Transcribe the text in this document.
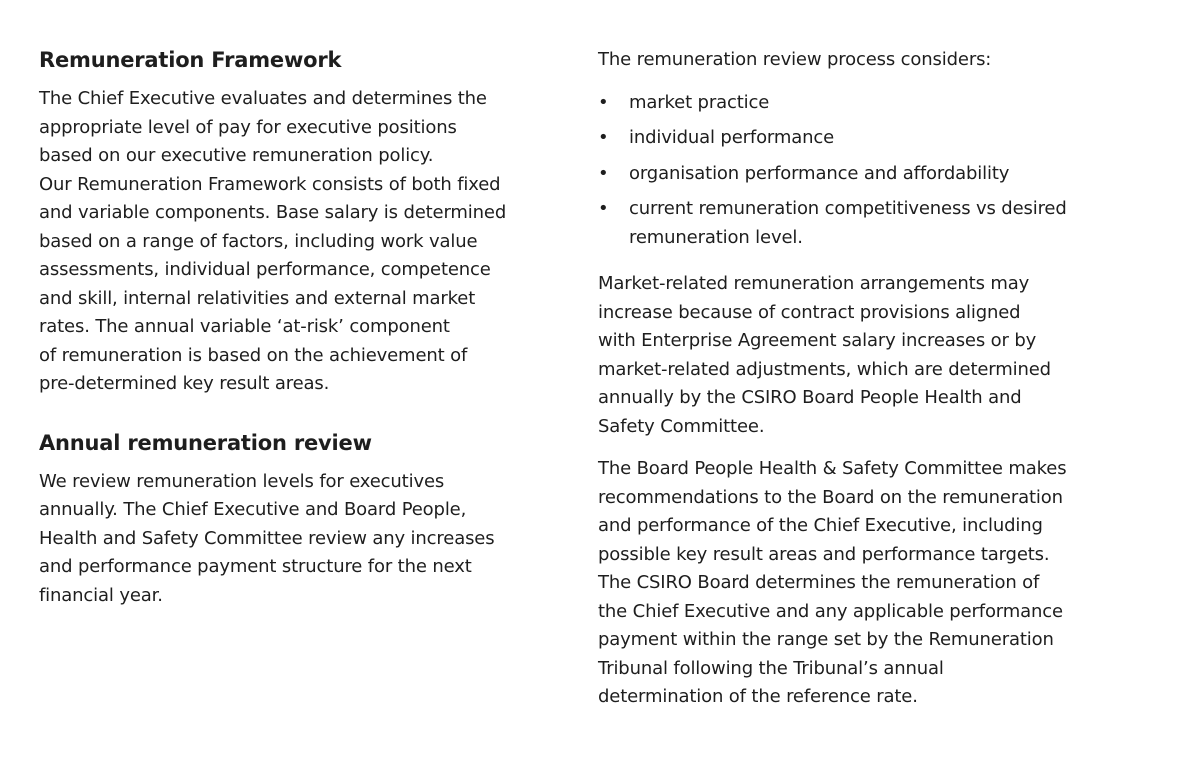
Remuneration Framework

The Chief Executive evaluates and determines the
appropriate level of pay for executive positions
based on our executive remuneration policy.
Our Remuneration Framework consists of both fixed
and variable components. Base salary is determined
based on a range of factors, including work value
assessments, individual performance, competence
and skill, internal relativities and external market
rates. The annual variable ‘at-risk’ component
of remuneration is based on the achievement of
pre-determined key result areas.

Annual remuneration review

We review remuneration levels for executives
annually. The Chief Executive and Board People,
Health and Safety Committee review any increases
and performance payment structure for the next
financial year.

The remuneration review process considers:

• market practice
• individual performance
• organisation performance and affordability
• current remuneration competitiveness vs desired
remuneration level.

Market-related remuneration arrangements may
increase because of contract provisions aligned
with Enterprise Agreement salary increases or by
market-related adjustments, which are determined
annually by the CSIRO Board People Health and
Safety Committee.

The Board People Health & Safety Committee makes
recommendations to the Board on the remuneration
and performance of the Chief Executive, including
possible key result areas and performance targets.
The CSIRO Board determines the remuneration of
the Chief Executive and any applicable performance
payment within the range set by the Remuneration
Tribunal following the Tribunal’s annual
determination of the reference rate.
